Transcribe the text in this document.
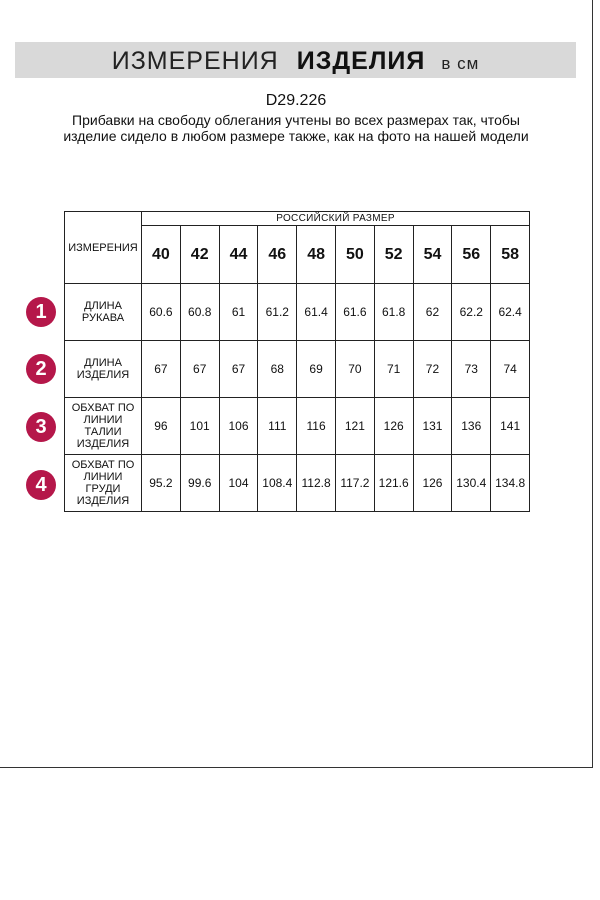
ИЗМЕРЕНИЯ ИЗДЕЛИЯ в см
D29.226
Прибавки на свободу облегания учтены во всех размерах так, чтобы изделие сидело в любом размере также, как на фото на нашей модели
ИЗМЕРЕНИЯ	РОССИЙСКИЙ РАЗМЕР									
	40	42	44	46	48	50	52	54	56	58
ДЛИНА РУКАВА	60.6	60.8	61	61.2	61.4	61.6	61.8	62	62.2	62.4
ДЛИНА ИЗДЕЛИЯ	67	67	67	68	69	70	71	72	73	74
ОБХВАТ ПО ЛИНИИ ТАЛИИ ИЗДЕЛИЯ	96	101	106	111	116	121	126	131	136	141
ОБХВАТ ПО ЛИНИИ ГРУДИ ИЗДЕЛИЯ	95.2	99.6	104	108.4	112.8	117.2	121.6	126	130.4	134.8
1
2
3
4
